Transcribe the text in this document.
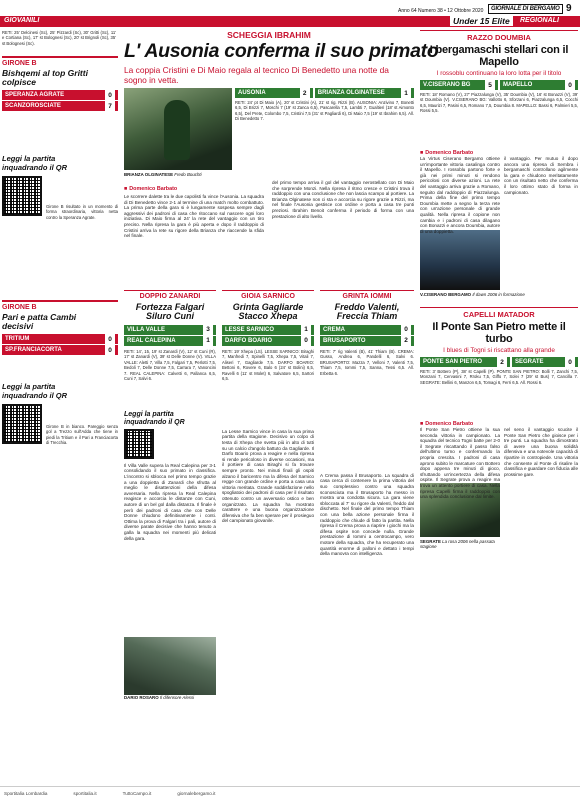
Anno 64 Numero 38 • 12 Ottobre 2020	GIORNALE DI BERGAMO 9
GIOVANILI	Under 15 Elite	REGIONALI

RETI: 25' Delcinesi (Sc), 25' Pizzardi (Sc), 30' Gritti (Sc), 11' e Cortiana (Sc), 17' st Bolognesi (Sc), 20' st Brignoli (Sc), 35' st Bolognesi (Sc).

GIRONE B
Bishqemi al top Gritti colpisce
SPERANZA AGRATE	0
SCANZOROSCIATE	7
Leggi la partita inquadrando il QR

Girone B risultato in un momento di forma straordinaria, vittoria netta contro la Speranza Agrate.

GIRONE B
Pari e patta Cambi decisivi
TRITIUM	0
SP.FRANCIACORTA	0
Leggi la partita inquadrando il QR

Girone B in bianco. Pareggio senza gol a Trezzo sull'Adda che tiene in piedi la Tritium e il Pari a Franciacorta di Trecchia.

SCHEGGIA IBRAHIM
L' Ausonia conferma il suo primato
La coppia Cristini e Di Maio regala al tecnico Di Benedetto una notte da sogno in vetta.
BRIANZA OLGINATESE Fredo Bouchti
AUSONIA	2	BRIANZA OLGINATESE	1

RETI: 24' pt Di Maio (A), 20' st Cristini (A), 21' st rig. Rizzi (B). AUSONIA: Anzivino 7, Bonetti 6,5, Di Brizzi 7, Moschi 7 (19' st Zanca 6,5), Pascarella 7,5, Lambti 7, Gualtieri (18' st Aimonto 6,5), Del Prete, Colombo 7,5, Cristini 7,5 (31' st Pagliardi 6), Di Maio 7,5 (19' st Ibrahim 6,5). All. Di Benedetto 7.

■ Domenico Barbato

Le scorrere dalette tra le due capolisti fa vince l'Ausonia. La squadra di Di Benedetto vince 2-1 al termine di una match molto combattuto. La prima parte della gara si è lungamente sospesa sempre dagli aggressivi dei padroni di casa che ritoccano sul nascere ogni loro iniziativa. Di Maio firma al 24' la rete del vantaggio con un tiro preciso. Nella ripresa la gara è più aperta e dopo il raddoppio di Cristini arriva la rete su rigore della Brianza che riaccende la sfida nel finale.

del primo tempo arriva il gol del vantaggio nerostellato con Di Maio che sorprende Monzi. Nella ripresa il ritmo cresce e Cristini trova il raddoppio con una conclusione che non lascia scampo al portiere. La Brianza Olginatese non ci sta e accorcia su rigore grazie a Rizzi, ma nel finale l'Ausonia gestisce con ordine e porta a casa tre punti preziosi. Ibrahim Benoit conferma il periodo di forma con una prestazione di alto livello.

DOPPIO ZANARDI
Fortezza Falgari Siluro Cuni
VILLA VALLE	3
REAL CALEPINA	1

RETI: 14', 15, 19' st Zanardi (V), 12' st Cuni (R), 17' st Zanardi (V), 39' st Delle Donne (V). VILLA VALLE: Aletti 7, Villa 7,5, Falgari 7,5, Perlotti 7,5, Bedoli 7, Delle Donne 7,5, Carrara 7, Vanoncini 7. REAL CALEPINA: Calvetti 6, Pallanca 6,5, Cuni 7, Salvi 6.

Leggi la partita inquadrando il QR

Il Villa Valle supera la Real Calepina per 3-1 consolidando il suo primato in classifica. L'incontro si sblocca nel primo tempo grazie a una doppietta di Zanardi che sfrutta al meglio le disattenzioni della difesa avversaria. Nella ripresa la Real Calepina reagisce e accorcia le distanze con Cuni, autore di un bel gol dalla distanza. Il finale è però dei padroni di casa che con Delle Donne chiudono definitivamente i conti. Ottima la prova di Falgari tra i pali, autore di diverse parate decisive che hanno tenuto a galla la squadra nei momenti più delicati della gara.

DARIO ROSARO Il difensore Alessi
GIOIA SARNICO
Grinta Gagliarde Stacco Xhepa
LESSE SARNICO	1
DARFO BOARIO	0

RETI: 19' Xhepa (LS). LESSE SARNICO: Biraghi 7, Manfredi 7, Spinelli 7,5, Xhepa 7,5, Vitali 7, Aliseri 7, Gagliarde 7,5. DARFO BOARIO: Bettoni 6, Rovere 6, Balo 6 (24' st Bolini) 6,5, Ravelli 6 (11' st Molet) 6, Salvatore 6,5, Sartori 6,5.

La Lesse Sarnico vince in casa la sua prima partita della stagione. Decisivo un colpo di testa di Xhepa che svetta più in alto di tutti su un calcio d'angolo battuto da Gagliarde. Il Darfo Boario prova a reagire e nella ripresa si rende pericoloso in diverse occasioni, ma il portiere di casa Biraghi si fa trovare sempre pronto. Nei minuti finali gli ospiti alzano il baricentro ma la difesa del Sarnico regge con grande ordine e porta a casa una vittoria meritata. Grande soddisfazione nello spogliatoio dei padroni di casa per il risultato ottenuto contro un avversario ostico e ben organizzato. La squadra ha mostrato carattere e una buona organizzazione difensiva che fa ben sperare per il prosieguo del campionato giovanile.

GRINTA IOMMI
Freddo Valenti, Freccia Thiam
CREMA	0
BRUSAPORTO	2

RETI: 7' rig Valenti (B), 41' Thiam (B). CREMA: Gusso, Andrea 6, Pandelli 6, Salvi 6. BRUSAPORTO: Mazza 7, Velloni 7, Valenti 7,5, Thiam 7,5, Iommi 7,5, Sanna, Tessi 6,5. All. Erbetta 6.

A Crema passa il Brusaporto. La squadra di casa cerca di contenere la prima vittoria del suo complessivo contro una squadra sconosciuta ma il Brusaporto ha messo in mostra una condotta sicura. La gara viene sbloccata al 7' su rigore da Valenti, freddo dal dischetto. Nel finale del primo tempo Thiam con una bella azione personale firma il raddoppio che chiude di fatto la partita. Nella ripresa il Crema prova a riaprire i giochi ma la difesa ospite non concede nulla. Grande prestazione di Iommi a centrocampo, vero motore della squadra, che ha recuperato una quantità enorme di palloni e dettato i tempi della manovra con intelligenza.

RAZZO DOUMBIA
I bergamaschi stellari con il Mapello
I rossoblu continuano la loro lotta per il titolo
V.CISERANO BG	5	MAPELLO	0

RETI: 18' Romano (V), 27' Piazzalunga (V), 35' Doumbia (V), 16' st Bonazzi (V), 39' st Doumbia (V). V.CISERANO BG: Vallotto 6, Sforzani 6, Piazzalunga 6,5, Cocchi 6,5, Maurizi 7, Pasini 6,5, Romano 7,5, Doumbia 8. MAPELLO: Bassi 6, Palmieri 5,5, Rossi 5,5.

■ Domenico Barbato

La Virtus Ciserano Bergamo ottiene un'importante vittoria casalinga contro il Mapello. I rossoblu partono forte e già nei primi minuti si rendono pericolosi con diverse azioni. La rete del vantaggio arriva grazie a Romano, seguito dal raddoppio di Piazzalunga. Prima della fine del primo tempo Doumbia mette a segno la terza rete con un'azione personale di grande qualità. Nella ripresa il copione non cambia e i padroni di casa dilagano con Bonazzi e ancora Doumbia, autore di una doppietta.

il vantaggio. Per mutuo il dopo ancora una ripresa di Sembra i bergamaschi controllano agilmente la gara e chiudono meritatamente con un risultato netto che conferma il loro ottimo stato di forma in campionato.

V.CISERANO BERGAMO Il dawn 2006 in formazione
CAPELLI MATADOR
Il Ponte San Pietro mette il turbo
I blues di Togni si riscattano alla grande
PONTE SAN PIETRO	2	SEGRATE	0

RETI: 3' Bottero (P), 38' st Capelli (P). PONTE SAN PIETRO: Bolli 7, Zanchi 7,5, Monzani 7, Cervasini 7, Rroku 7,5, Giffo 7, Solei 7 (29' st Bus) 7, Cancilla 7. SEGRATE: Bellini 6, Manzon 6,5, Tomagi 6, Ferri 6,5. All. Rossi 6.

■ Domenico Barbato

Il Ponte San Pietro ottiene la sua seconda vittoria in campionato. La squadra del tecnico Togni batte per 2-0 il Segrate riscattando il passo falso dell'ultimo turno e confermando la propria crescita. I padroni di casa aprono subito le marcature con Bottero dopo appena tre minuti di gioco, sfruttando un'incertezza della difesa ospite. Il Segrate prova a reagire ma trova un attento portiere di casa. Nella ripresa Capelli firma il raddoppio con una splendida conclusione dal limite.

nel seno il vantaggio scucite il Ponte San Pietro che gioisce per i tre punti. La squadra ha dimostrato di avere una buona solidità difensiva e una notevole capacità di ripartire in contropiede. Una vittoria che consente al Ponte di risalire la classifica e guardare con fiducia alle prossime gare.

SEGRATE La rosa 2006 nella passata stagione
Sportitalia Lombardia	sportitalia.it	TuttoCampo.it	giornalebergamo.it
